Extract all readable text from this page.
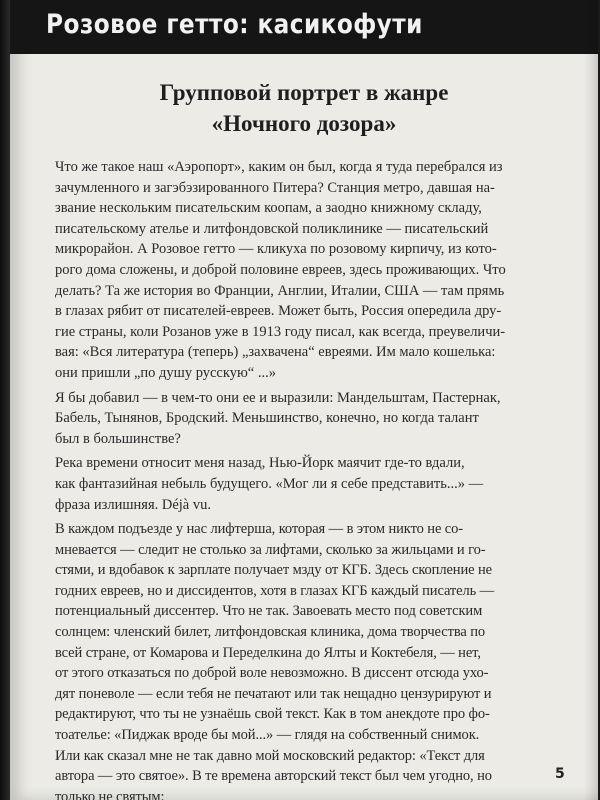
Розовое гетто: касикофути
Групповой портрет в жанре
«Ночного дозора»
Что же такое наш «Аэропорт», каким он был, когда я туда перебрался из
зачумленного и загэбэзированного Питера? Станция метро, давшая на-
звание нескольким писательским коопам, а заодно книжному складу,
писательскому ателье и литфондовской поликлинике — писательский
микрорайон. А Розовое гетто — кликуха по розовому кирпичу, из кото-
рого дома сложены, и доброй половине евреев, здесь проживающих. Что
делать? Та же история во Франции, Англии, Италии, США — там прямь
в глазах рябит от писателей-евреев. Может быть, Россия опередила дру-
гие страны, коли Розанов уже в 1913 году писал, как всегда, преувеличи-
вая: «Вся литература (теперь) „захвачена“ евреями. Им мало кошелька:
они пришли „по душу русскую“ ...»
Я бы добавил — в чем-то они ее и выразили: Мандельштам, Пастернак,
Бабель, Тынянов, Бродский. Меньшинство, конечно, но когда талант
был в большинстве?
Река времени относит меня назад, Нью-Йорк маячит где-то вдали,
как фантазийная небыль будущего. «Мог ли я себе представить...» —
фраза излишняя. Déjà vu.
В каждом подъезде у нас лифтерша, которая — в этом никто не со-
мневается — следит не столько за лифтами, сколько за жильцами и го-
стями, и вдобавок к зарплате получает мзду от КГБ. Здесь скопление не
годних евреев, но и диссидентов, хотя в глазах КГБ каждый писатель —
потенциальный диссентер. Что не так. Завоевать место под советским
солнцем: членский билет, литфондовская клиника, дома творчества по
всей стране, от Комарова и Переделкина до Ялты и Коктебеля, — нет,
от этого отказаться по доброй воле невозможно. В диссент отсюда ухо-
дят поневоле — если тебя не печатают или так нещадно цензурируют и
редактируют, что ты не узнаёшь свой текст. Как в том анекдоте про фо-
тоателье: «Пиджак вроде бы мой...» — глядя на собственный снимок.
Или как сказал мне не так давно мой московский редактор: «Текст для
автора — это святое». В те времена авторский текст был чем угодно, но
только не святым:
5
